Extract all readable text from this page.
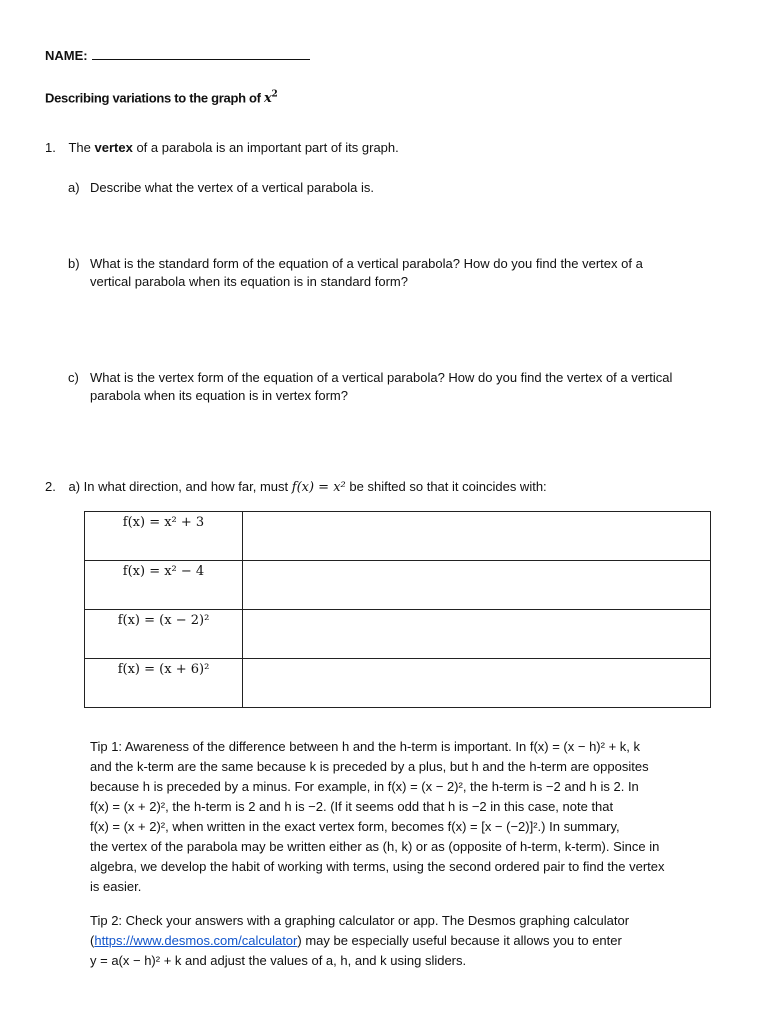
NAME:
Describing variations to the graph of $x^2$
1. The vertex of a parabola is an important part of its graph.
a) Describe what the vertex of a vertical parabola is.
b) What is the standard form of the equation of a vertical parabola? How do you find the vertex of a
vertical parabola when its equation is in standard form?
c) What is the vertex form of the equation of a vertical parabola? How do you find the vertex of a vertical
parabola when its equation is in vertex form?
2. a) In what direction, and how far, must f(x) = x² be shifted so that it coincides with:
f(x) = x² + 3	
f(x) = x² − 4	
f(x) = (x − 2)²	
f(x) = (x + 6)²	
Tip 1: Awareness of the difference between h and the h-term is important. In f(x) = (x − h)² + k, k
and the k-term are the same because k is preceded by a plus, but h and the h-term are opposites
because h is preceded by a minus. For example, in f(x) = (x − 2)², the h-term is −2 and h is 2. In
f(x) = (x + 2)², the h-term is 2 and h is −2. (If it seems odd that h is −2 in this case, note that
f(x) = (x + 2)², when written in the exact vertex form, becomes f(x) = [x − (−2)]².) In summary,
the vertex of the parabola may be written either as (h, k) or as (opposite of h-term, k-term). Since in
algebra, we develop the habit of working with terms, using the second ordered pair to find the vertex
is easier.
Tip 2: Check your answers with a graphing calculator or app. The Desmos graphing calculator
(https://www.desmos.com/calculator) may be especially useful because it allows you to enter
y = a(x − h)² + k and adjust the values of a, h, and k using sliders.
